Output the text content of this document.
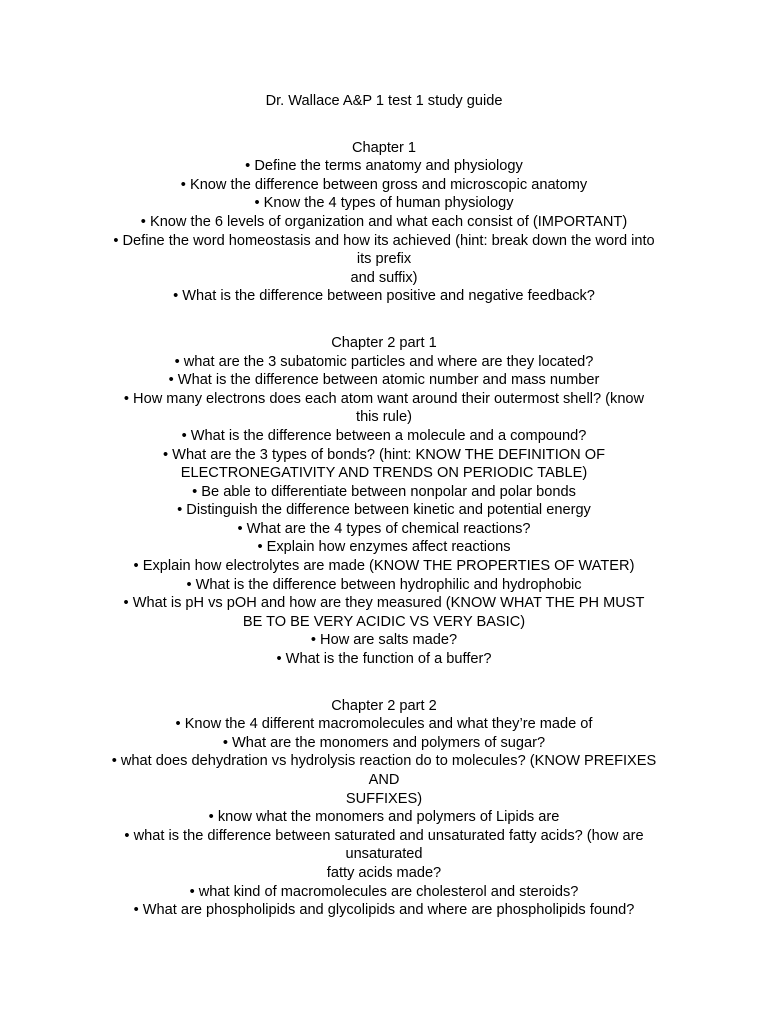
Dr. Wallace A&P 1 test 1 study guide
Chapter 1
• Define the terms anatomy and physiology
• Know the difference between gross and microscopic anatomy
• Know the 4 types of human physiology
• Know the 6 levels of organization and what each consist of (IMPORTANT)
• Define the word homeostasis and how its achieved (hint: break down the word into
its prefix
and suffix)
• What is the difference between positive and negative feedback?
Chapter 2 part 1
• what are the 3 subatomic particles and where are they located?
• What is the difference between atomic number and mass number
• How many electrons does each atom want around their outermost shell? (know
this rule)
• What is the difference between a molecule and a compound?
• What are the 3 types of bonds? (hint: KNOW THE DEFINITION OF
ELECTRONEGATIVITY AND TRENDS ON PERIODIC TABLE)
• Be able to differentiate between nonpolar and polar bonds
• Distinguish the difference between kinetic and potential energy
• What are the 4 types of chemical reactions?
• Explain how enzymes affect reactions
• Explain how electrolytes are made (KNOW THE PROPERTIES OF WATER)
• What is the difference between hydrophilic and hydrophobic
• What is pH vs pOH and how are they measured (KNOW WHAT THE PH MUST
BE TO BE VERY ACIDIC VS VERY BASIC)
• How are salts made?
• What is the function of a buffer?
Chapter 2 part 2
• Know the 4 different macromolecules and what they’re made of
• What are the monomers and polymers of sugar?
• what does dehydration vs hydrolysis reaction do to molecules? (KNOW PREFIXES
AND
SUFFIXES)
• know what the monomers and polymers of Lipids are
• what is the difference between saturated and unsaturated fatty acids? (how are
unsaturated
fatty acids made?
• what kind of macromolecules are cholesterol and steroids?
• What are phospholipids and glycolipids and where are phospholipids found?
